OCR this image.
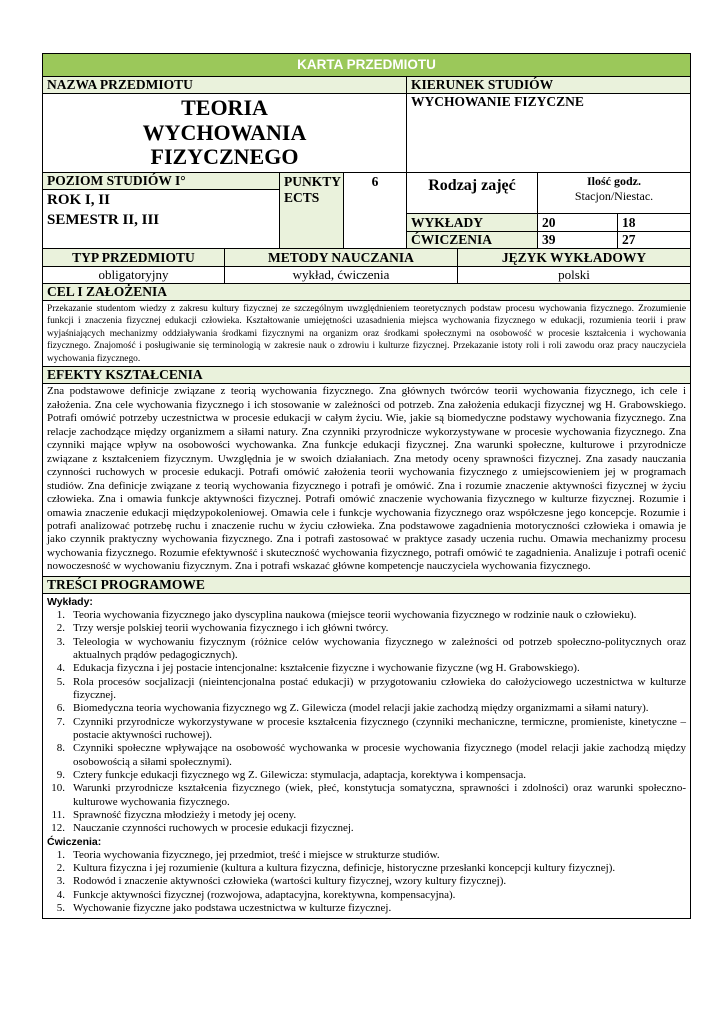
KARTA PRZEDMIOTU
NAZWA PRZEDMIOTU
TEORIA WYCHOWANIA FIZYCZNEGO
KIERUNEK STUDIÓW
WYCHOWANIE FIZYCZNE
POZIOM STUDIÓW I°
ROK I, II
SEMESTR II, III
PUNKTY ECTS
6	Rodzaj zajęć	Ilość godz.
Stacjon/Niestac.
WYKŁADY	20	18
ĆWICZENIA	39	27
TYP PRZEDMIOTU	METODY NAUCZANIA	JĘZYK WYKŁADOWY
obligatoryjny	wykład, ćwiczenia	polski
CEL I ZAŁOŻENIA
Przekazanie studentom wiedzy z zakresu kultury fizycznej ze szczególnym uwzględnieniem teoretycznych podstaw procesu wychowania fizycznego. Zrozumienie funkcji i znaczenia fizycznej edukacji człowieka. Kształtowanie umiejętności uzasadnienia miejsca wychowania fizycznego w edukacji, rozumienia teorii i praw wyjaśniających mechanizmy oddziaływania środkami fizycznymi na organizm oraz środkami społecznymi na osobowość w procesie kształcenia i wychowania fizycznego. Znajomość i posługiwanie się terminologią w zakresie nauk o zdrowiu i kulturze fizycznej. Przekazanie istoty roli i roli zawodu oraz pracy nauczyciela wychowania fizycznego.
EFEKTY KSZTAŁCENIA
Zna podstawowe definicje związane z teorią wychowania fizycznego. Zna głównych twórców teorii wychowania fizycznego, ich cele i założenia. Zna cele wychowania fizycznego i ich stosowanie w zależności od potrzeb. Zna założenia edukacji fizycznej wg H. Grabowskiego. Potrafi omówić potrzeby uczestnictwa w procesie edukacji w całym życiu. Wie, jakie są biomedyczne podstawy wychowania fizycznego. Zna relacje zachodzące między organizmem a siłami natury. Zna czynniki przyrodnicze wykorzystywane w procesie wychowania fizycznego. Zna czynniki mające wpływ na osobowości wychowanka. Zna funkcje edukacji fizycznej. Zna warunki społeczne, kulturowe i przyrodnicze związane z kształceniem fizycznym. Uwzględnia je w swoich działaniach. Zna metody oceny sprawności fizycznej. Zna zasady nauczania czynności ruchowych w procesie edukacji. Potrafi omówić założenia teorii wychowania fizycznego z umiejscowieniem jej w programach studiów. Zna definicje związane z teorią wychowania fizycznego i potrafi je omówić. Zna i rozumie znaczenie aktywności fizycznej w życiu człowieka. Zna i omawia funkcje aktywności fizycznej. Potrafi omówić znaczenie wychowania fizycznego w kulturze fizycznej. Rozumie i omawia znaczenie edukacji międzypokoleniowej. Omawia cele i funkcje wychowania fizycznego oraz współczesne jego koncepcje. Rozumie i potrafi analizować potrzebę ruchu i znaczenie ruchu w życiu człowieka. Zna podstawowe zagadnienia motoryczności człowieka i omawia je jako czynnik praktyczny wychowania fizycznego. Zna i potrafi zastosować w praktyce zasady uczenia ruchu. Omawia mechanizmy procesu wychowania fizycznego. Rozumie efektywność i skuteczność wychowania fizycznego, potrafi omówić te zagadnienia. Analizuje i potrafi ocenić nowoczesność w wychowaniu fizycznym. Zna i potrafi wskazać główne kompetencje nauczyciela wychowania fizycznego.
TREŚCI PROGRAMOWE
Wykłady:
1. Teoria wychowania fizycznego jako dyscyplina naukowa (miejsce teorii wychowania fizycznego w rodzinie nauk o człowieku).
2. Trzy wersje polskiej teorii wychowania fizycznego i ich główni twórcy.
3. Teleologia w wychowaniu fizycznym (różnice celów wychowania fizycznego w zależności od potrzeb społeczno-politycznych oraz aktualnych prądów pedagogicznych).
4. Edukacja fizyczna i jej postacie intencjonalne: kształcenie fizyczne i wychowanie fizyczne (wg H. Grabowskiego).
5. Rola procesów socjalizacji (nieintencjonalna postać edukacji) w przygotowaniu człowieka do całożyciowego uczestnictwa w kulturze fizycznej.
6. Biomedyczna teoria wychowania fizycznego wg Z. Gilewicza (model relacji jakie zachodzą między organizmami a siłami natury).
7. Czynniki przyrodnicze wykorzystywane w procesie kształcenia fizycznego (czynniki mechaniczne, termiczne, promieniste, kinetyczne – postacie aktywności ruchowej).
8. Czynniki społeczne wpływające na osobowość wychowanka w procesie wychowania fizycznego (model relacji jakie zachodzą między osobowością a siłami społecznymi).
9. Cztery funkcje edukacji fizycznego wg Z. Gilewicza: stymulacja, adaptacja, korektywa i kompensacja.
10. Warunki przyrodnicze kształcenia fizycznego (wiek, płeć, konstytucja somatyczna, sprawności i zdolności) oraz warunki społeczno-kulturowe wychowania fizycznego.
11. Sprawność fizyczna młodzieży i metody jej oceny.
12. Nauczanie czynności ruchowych w procesie edukacji fizycznej.
Ćwiczenia:
1. Teoria wychowania fizycznego, jej przedmiot, treść i miejsce w strukturze studiów.
2. Kultura fizyczna i jej rozumienie (kultura a kultura fizyczna, definicje, historyczne przesłanki koncepcji kultury fizycznej).
3. Rodowód i znaczenie aktywności człowieka (wartości kultury fizycznej, wzory kultury fizycznej).
4. Funkcje aktywności fizycznej (rozwojowa, adaptacyjna, korektywna, kompensacyjna).
5. Wychowanie fizyczne jako podstawa uczestnictwa w kulturze fizycznej.
